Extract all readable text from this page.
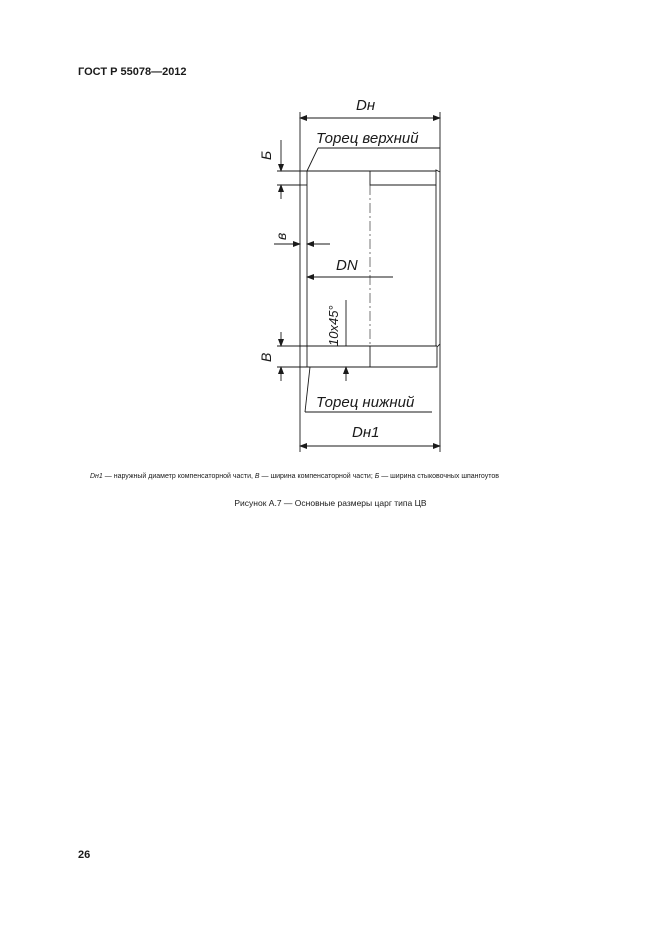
ГОСТ Р 55078—2012
Dн
Торец верхний
Б
в
DN
10x45°
В
Торец нижний
Dн1
Dн1 — наружный диаметр компенсаторной части, В — ширина компенсаторной части; Б — ширина стыковочных шпангоутов
Рисунок А.7 — Основные размеры царг типа ЦВ
26
